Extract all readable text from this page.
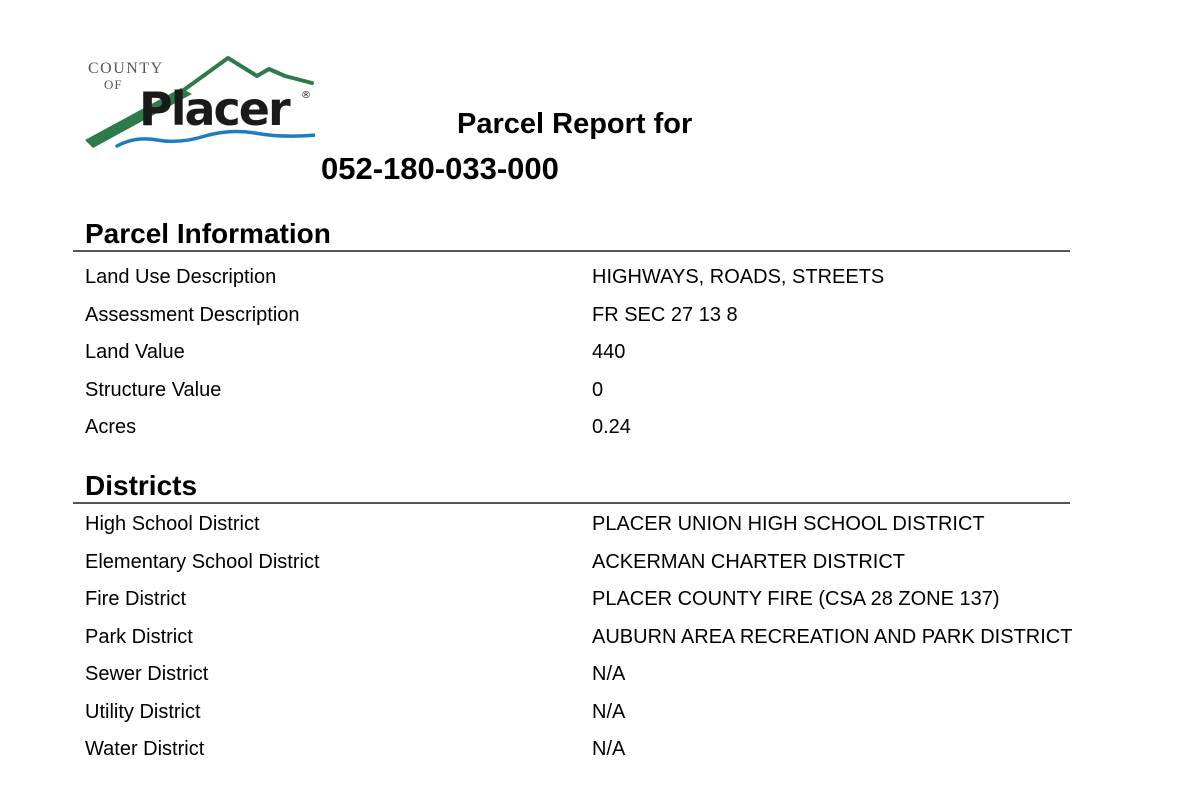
COUNTY
OF Placer ®
Parcel Report for
052-180-033-000
Parcel Information
Land Use Description	HIGHWAYS, ROADS, STREETS
Assessment Description	FR SEC 27 13 8
Land Value	440
Structure Value	0
Acres	0.24
Districts
High School District	PLACER UNION HIGH SCHOOL DISTRICT
Elementary School District	ACKERMAN CHARTER DISTRICT
Fire District	PLACER COUNTY FIRE (CSA 28 ZONE 137)
Park District	AUBURN AREA RECREATION AND PARK DISTRICT
Sewer District	N/A
Utility District	N/A
Water District	N/A
